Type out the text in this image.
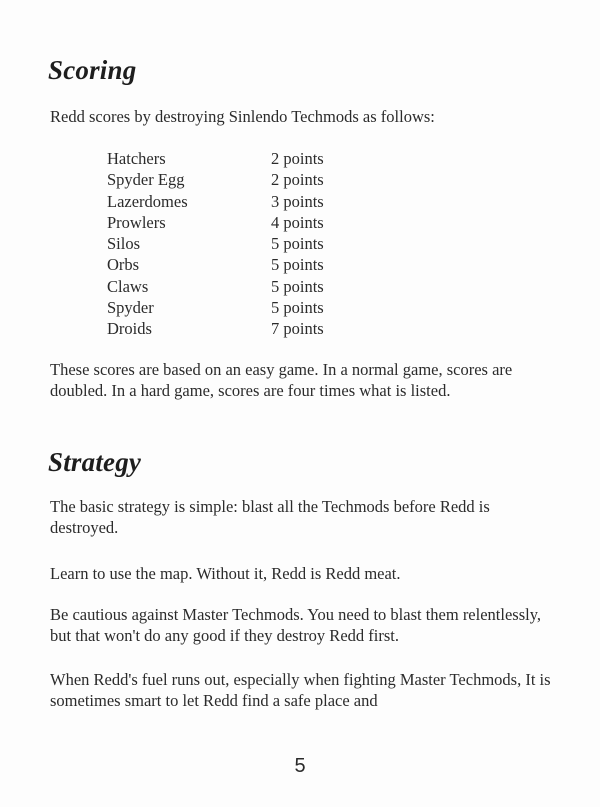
Scoring

Redd scores by destroying Sinlendo Techmods as follows:

Hatchers	2 points
Spyder Egg	2 points
Lazerdomes	3 points
Prowlers	4 points
Silos	5 points
Orbs	5 points
Claws	5 points
Spyder	5 points
Droids	7 points

These scores are based on an easy game. In a normal game, scores are doubled. In a hard game, scores are four times what is listed.

Strategy

The basic strategy is simple: blast all the Techmods before Redd is destroyed.

Learn to use the map. Without it, Redd is Redd meat.

Be cautious against Master Techmods. You need to blast them relentlessly, but that won't do any good if they destroy Redd first.

When Redd's fuel runs out, especially when fighting Master Techmods, It is sometimes smart to let Redd find a safe place and

5
